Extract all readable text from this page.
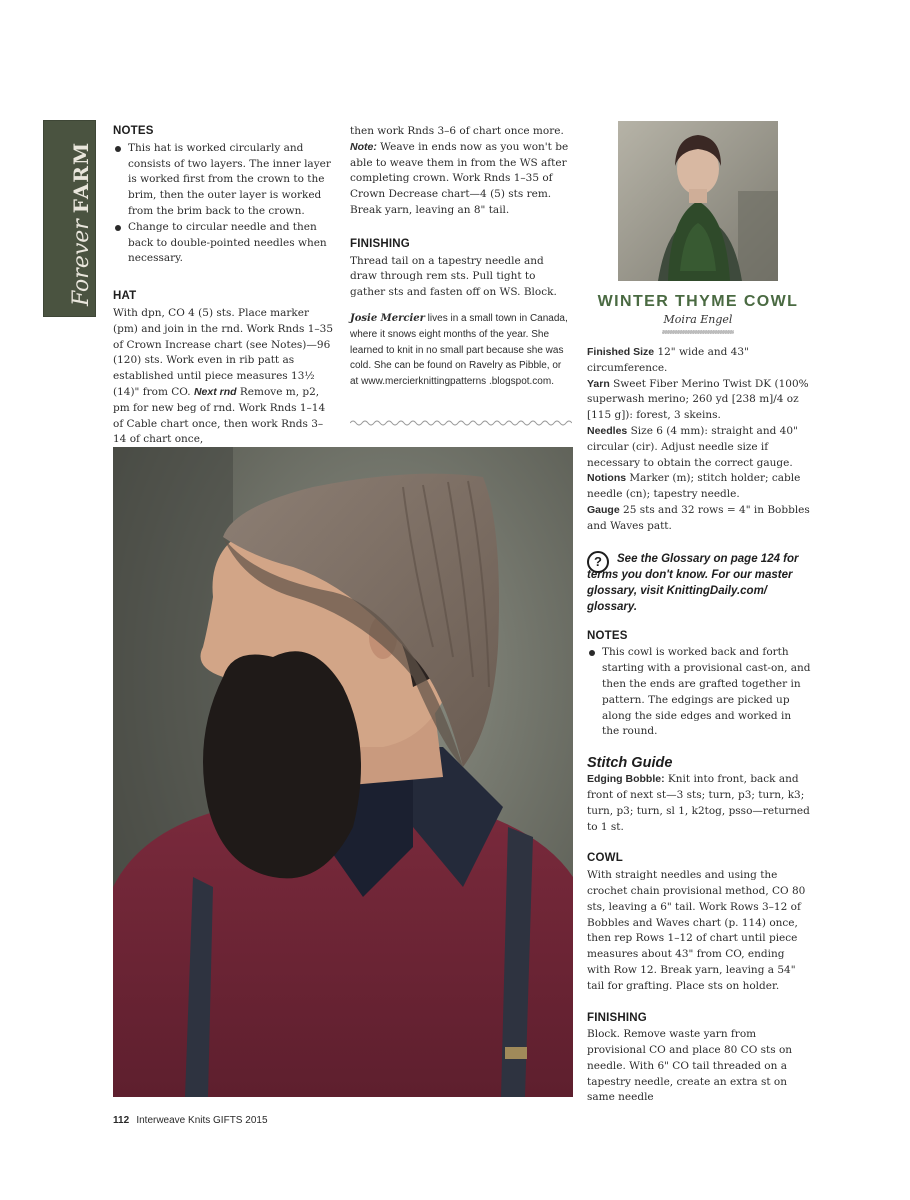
ForeverFARM
NOTES
This hat is worked circularly and consists of two layers. The inner layer is worked first from the crown to the brim, then the outer layer is worked from the brim back to the crown.
Change to circular needle and then back to double-pointed needles when necessary.
HAT

With dpn, CO 4 (5) sts. Place marker (pm) and join in the rnd. Work Rnds 1–35 of Crown Increase chart (see Notes)—96 (120) sts. Work even in rib patt as established until piece measures 13½ (14)" from CO. Next rnd Remove m, p2, pm for new beg of rnd. Work Rnds 1–14 of Cable chart once, then work Rnds 3–14 of chart once,

then work Rnds 3–6 of chart once more. Note: Weave in ends now as you won't be able to weave them in from the WS after completing crown. Work Rnds 1–35 of Crown Decrease chart—4 (5) sts rem. Break yarn, leaving an 8" tail.

FINISHING

Thread tail on a tapestry needle and draw through rem sts. Pull tight to gather sts and fasten off on WS. Block.

Josie Mercier lives in a small town in Canada, where it snows eight months of the year. She learned to knit in no small part because she was cold. She can be found on Ravelry as Pibble, or at www.mercierknittingpatterns .blogspot.com.

WINTER THYME COWL
Moira Engel

Finished Size 12" wide and 43" circumference.

Yarn Sweet Fiber Merino Twist DK (100% superwash merino; 260 yd [238 m]/4 oz [115 g]): forest, 3 skeins.

Needles Size 6 (4 mm): straight and 40" circular (cir). Adjust needle size if necessary to obtain the correct gauge.

Notions Marker (m); stitch holder; cable needle (cn); tapestry needle.

Gauge 25 sts and 32 rows = 4" in Bobbles and Waves patt.

?	See the Glossary on page 124 for terms you don't know. For our master glossary, visit KnittingDaily.com/ glossary.

NOTES
This cowl is worked back and forth starting with a provisional cast-on, and then the ends are grafted together in pattern. The edgings are picked up along the side edges and worked in the round.
Stitch Guide

Edging Bobble: Knit into front, back and front of next st—3 sts; turn, p3; turn, k3; turn, p3; turn, sl 1, k2tog, psso—returned to 1 st.

COWL

With straight needles and using the crochet chain provisional method, CO 80 sts, leaving a 6" tail. Work Rows 3–12 of Bobbles and Waves chart (p. 114) once, then rep Rows 1–12 of chart until piece measures about 43" from CO, ending with Row 12. Break yarn, leaving a 54" tail for grafting. Place sts on holder.

FINISHING

Block. Remove waste yarn from provisional CO and place 80 CO sts on needle. With 6" CO tail threaded on a tapestry needle, create an extra st on same needle

112 Interweave Knits GIFTS 2015
